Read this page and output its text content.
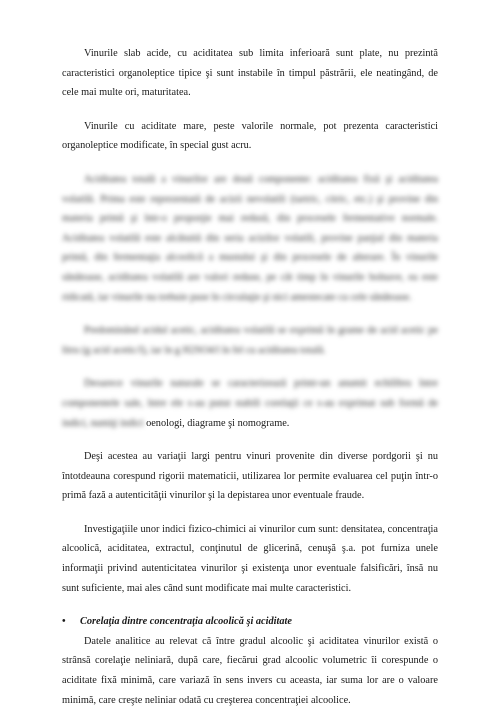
Vinurile slab acide, cu aciditatea sub limita inferioară sunt plate, nu prezintă caracteristici organoleptice tipice şi sunt instabile în timpul păstrării, ele neatingând, de cele mai multe ori, maturitatea.

Vinurile cu aciditate mare, peste valorile normale, pot prezenta caracteristici organoleptice modificate, în special gust acru.

Aciditatea totală a vinurilor are două componente: aciditatea fixă şi aciditatea volatilă. Prima este reprezentată de acizii nevolatili (tartric, citric, etc.) şi provine din materia primă şi într-o proporţie mai redusă, din procesele fermentative normale. Aciditatea volatilă este alcătuită din seria acizilor volatili, provine parţial din materia primă, din fermentaţia alcoolică a mustului şi din procesele de alterare. În vinurile sănătoase, aciditatea volatilă are valori reduse, pe cât timp în vinurile bolnave, ea este ridicată, iar vinurile nu trebuie puse în circulaţie şi nici amestecate cu cele sănătoase.

Predominând acidul acetic, aciditatea volatilă se exprimă în grame de acid acetic pe litru (g acid acetic/l), iar în g H2SO4/l în fel cu aciditatea totală.

Deoarece vinurile naturale se caracterizează printr-un anumit echilibru între componentele sale, între ele s-au putut stabili corelaţii ce s-au exprimat sub formă de indici, numiţi indici oenologi, diagrame şi nomograme.

Deşi acestea au variaţii largi pentru vinuri provenite din diverse pordgorii şi nu întotdeauna corespund rigorii matematicii, utilizarea lor permite evaluarea cel puţin într-o primă fază a autenticităţii vinurilor şi la depistarea unor eventuale fraude.

Investigaţiile unor indici fizico-chimici ai vinurilor cum sunt: densitatea, concentraţia alcoolică, aciditatea, extractul, conţinutul de glicerină, cenuşă ş.a. pot furniza unele informaţii privind autenticitatea vinurilor şi existenţa unor eventuale falsificări, însă nu sunt suficiente, mai ales când sunt modificate mai multe caracteristici.

•	Corelaţia dintre concentraţia alcoolică şi aciditate

Datele analitice au relevat că între gradul alcoolic şi aciditatea vinurilor există o strânsă corelaţie neliniară, după care, fiecărui grad alcoolic volumetric îi corespunde o aciditate fixă minimă, care variază în sens invers cu aceasta, iar suma lor are o valoare minimă, care creşte neliniar odată cu creşterea concentraţiei alcoolice.
